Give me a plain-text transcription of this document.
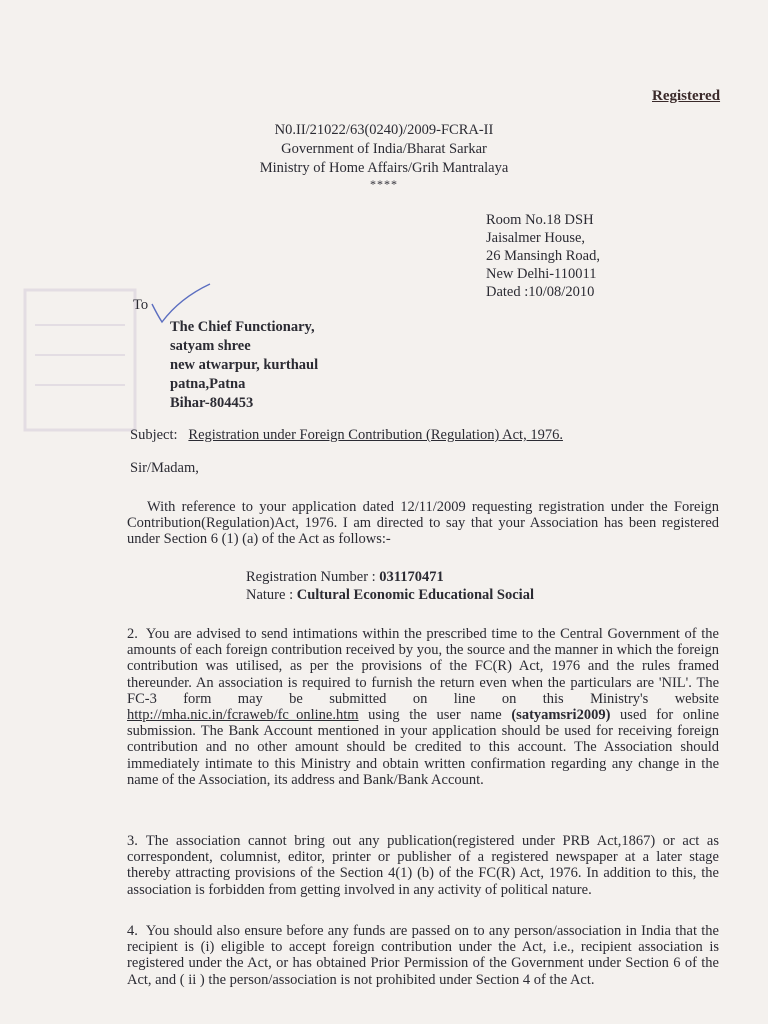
Registered
N0.II/21022/63(0240)/2009-FCRA-II
Government of India/Bharat Sarkar
Ministry of Home Affairs/Grih Mantralaya
****
Room No.18 DSH
Jaisalmer House,
26 Mansingh Road,
New Delhi-110011
Dated :10/08/2010
To
The Chief Functionary,
satyam shree
new atwarpur, kurthaul
patna,Patna
Bihar-804453
Subject: Registration under Foreign Contribution (Regulation) Act, 1976.
Sir/Madam,
With reference to your application dated 12/11/2009 requesting registration under the Foreign Contribution(Regulation)Act, 1976. I am directed to say that your Association has been registered under Section 6 (1) (a) of the Act as follows:-
Registration Number : 031170471
Nature : Cultural Economic Educational Social
2. You are advised to send intimations within the prescribed time to the Central Government of the amounts of each foreign contribution received by you, the source and the manner in which the foreign contribution was utilised, as per the provisions of the FC(R) Act, 1976 and the rules framed thereunder. An association is required to furnish the return even when the particulars are 'NIL'. The FC-3 form may be submitted on line on this Ministry's website http://mha.nic.in/fcraweb/fc_online.htm using the user name (satyamsri2009) used for online submission. The Bank Account mentioned in your application should be used for receiving foreign contribution and no other amount should be credited to this account. The Association should immediately intimate to this Ministry and obtain written confirmation regarding any change in the name of the Association, its address and Bank/Bank Account.
3. The association cannot bring out any publication(registered under PRB Act,1867) or act as correspondent, columnist, editor, printer or publisher of a registered newspaper at a later stage thereby attracting provisions of the Section 4(1) (b) of the FC(R) Act, 1976. In addition to this, the association is forbidden from getting involved in any activity of political nature.
4. You should also ensure before any funds are passed on to any person/association in India that the recipient is (i) eligible to accept foreign contribution under the Act, i.e., recipient association is registered under the Act, or has obtained Prior Permission of the Government under Section 6 of the Act, and ( ii ) the person/association is not prohibited under Section 4 of the Act.
